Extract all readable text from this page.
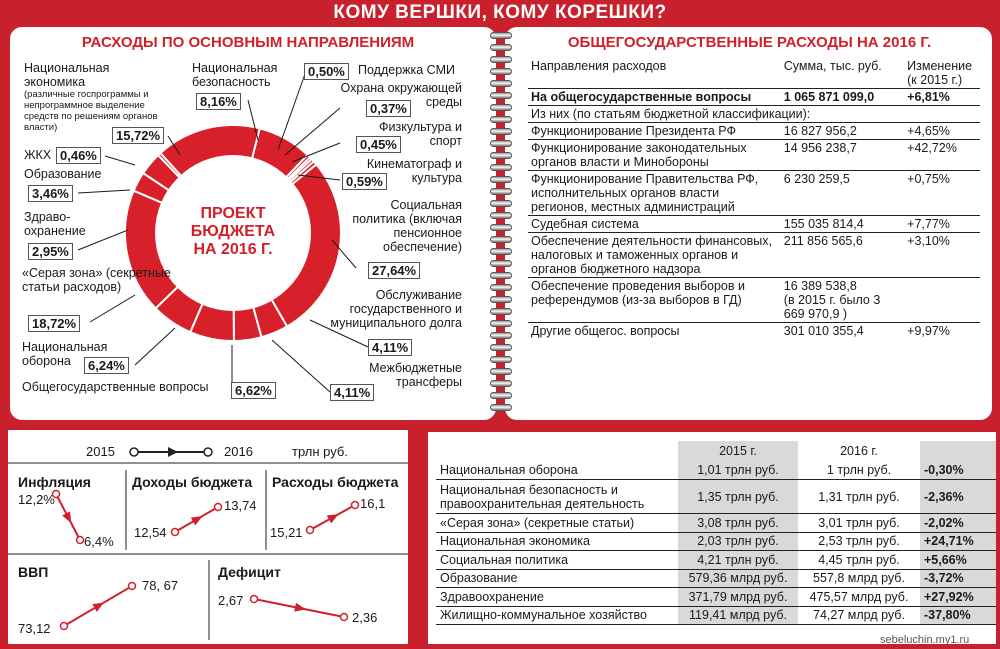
КОМУ ВЕРШКИ, КОМУ КОРЕШКИ?
РАСХОДЫ ПО ОСНОВНЫМ НАПРАВЛЕНИЯМ
ПРОЕКТ
БЮДЖЕТА
НА 2016 Г.
Национальная экономика
(различные госпрограммы и непрограммное выделение средств по решениям органов власти)
15,72%
ЖКХ 0,46%
Образование
3,46%
Здраво-охранение
2,95%
«Серая зона» (секретные статьи расходов)
18,72%
Национальная оборона	6,24%
Общегосударственные вопросы	6,62%
Национальная безопасность
8,16%
0,50%	Поддержка СМИ
Охрана окружающей среды
0,37%
Физкультура и спорт
0,45%
Кинематограф и культура
0,59%
Социальная политика (включая пенсионное обеспечение)
27,64%
Обслуживание государственного и муниципального долга
4,11%
Межбюджетные трансферы
4,11%
ОБЩЕГОСУДАРСТВЕННЫЕ РАСХОДЫ НА 2016 Г.
Направления расходов	Сумма, тыс. руб.	Изменение (к 2015 г.)
На общегосударственные вопросы	1 065 871 099,0	+6,81%
Из них (по статьям бюджетной классификации):		
Функционирование Президента РФ	16 827 956,2	+4,65%
Функционирование законодательных органов власти и Минобороны	14 956 238,7	+42,72%
Функционирование Правительства РФ, исполнительных органов власти регионов, местных администраций	6 230 259,5	+0,75%
Судебная система	155 035 814,4	+7,77%
Обеспечение деятельности финансовых, налоговых и таможенных органов и органов бюджетного надзора	211 856 565,6	+3,10%
Обеспечение проведения выборов и референдумов (из-за выборов в ГД)	16 389 538,8
(в 2015 г. было 3 669 970,9 )	
Другие общегос. вопросы	301 010 355,4	+9,97%
2015	2016	трлн руб.
Инфляция	Доходы бюджета Расходы бюджета
ВВП	Дефицит
12,2%
6,4%
12,54
13,74
15,21
16,1
73,12
78, 67
2,67
2,36
	2015 г.	2016 г.	
Национальная оборона	1,01 трлн руб.	1 трлн руб.	-0,30%
Национальная безопасность и правоохранительная деятельность	1,35 трлн руб.	1,31 трлн руб.	-2,36%
«Серая зона» (секретные статьи)	3,08 трлн руб.	3,01 трлн руб.	-2,02%
Национальная экономика	2,03 трлн руб.	2,53 трлн руб.	+24,71%
Социальная политика	4,21 трлн руб.	4,45 трлн руб.	+5,66%
Образование	579,36 млрд руб.	557,8 млрд руб.	-3,72%
Здравоохранение	371,79 млрд руб.	475,57 млрд руб.	+27,92%
Жилищно-коммунальное хозяйство	119,41 млрд руб.	74,27 млрд руб.	-37,80%
sebeluchin.my1.ru
